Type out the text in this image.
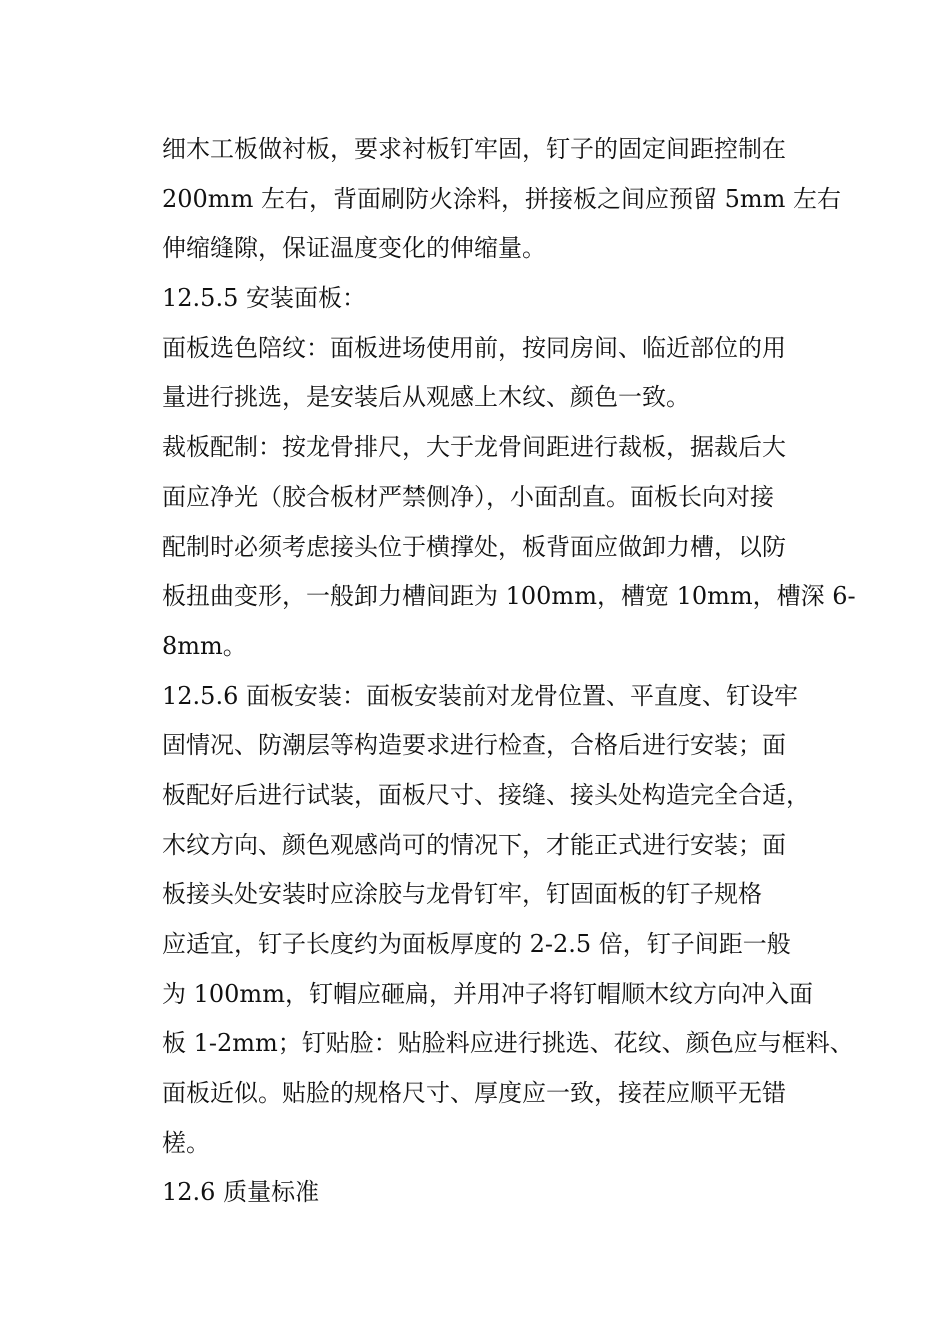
细木工板做衬板，要求衬板钉牢固，钉子的固定间距控制在
200mm 左右，背面刷防火涂料，拼接板之间应预留 5mm 左右
伸缩缝隙，保证温度变化的伸缩量。
12.5.5 安装面板：
面板选色陪纹：面板进场使用前，按同房间、临近部位的用
量进行挑选，是安装后从观感上木纹、颜色一致。
裁板配制：按龙骨排尺，大于龙骨间距进行裁板，据裁后大
面应净光（胶合板材严禁侧净），小面刮直。面板长向对接
配制时必须考虑接头位于横撑处，板背面应做卸力槽，以防
板扭曲变形，一般卸力槽间距为 100mm，槽宽 10mm，槽深 6-
8mm。
12.5.6 面板安装：面板安装前对龙骨位置、平直度、钉设牢
固情况、防潮层等构造要求进行检查，合格后进行安装；面
板配好后进行试装，面板尺寸、接缝、接头处构造完全合适，
木纹方向、颜色观感尚可的情况下，才能正式进行安装；面
板接头处安装时应涂胶与龙骨钉牢，钉固面板的钉子规格
应适宜，钉子长度约为面板厚度的 2-2.5 倍，钉子间距一般
为 100mm，钉帽应砸扁，并用冲子将钉帽顺木纹方向冲入面
板 1-2mm；钉贴脸：贴脸料应进行挑选、花纹、颜色应与框料、
面板近似。贴脸的规格尺寸、厚度应一致，接茬应顺平无错
槎。
12.6 质量标准
